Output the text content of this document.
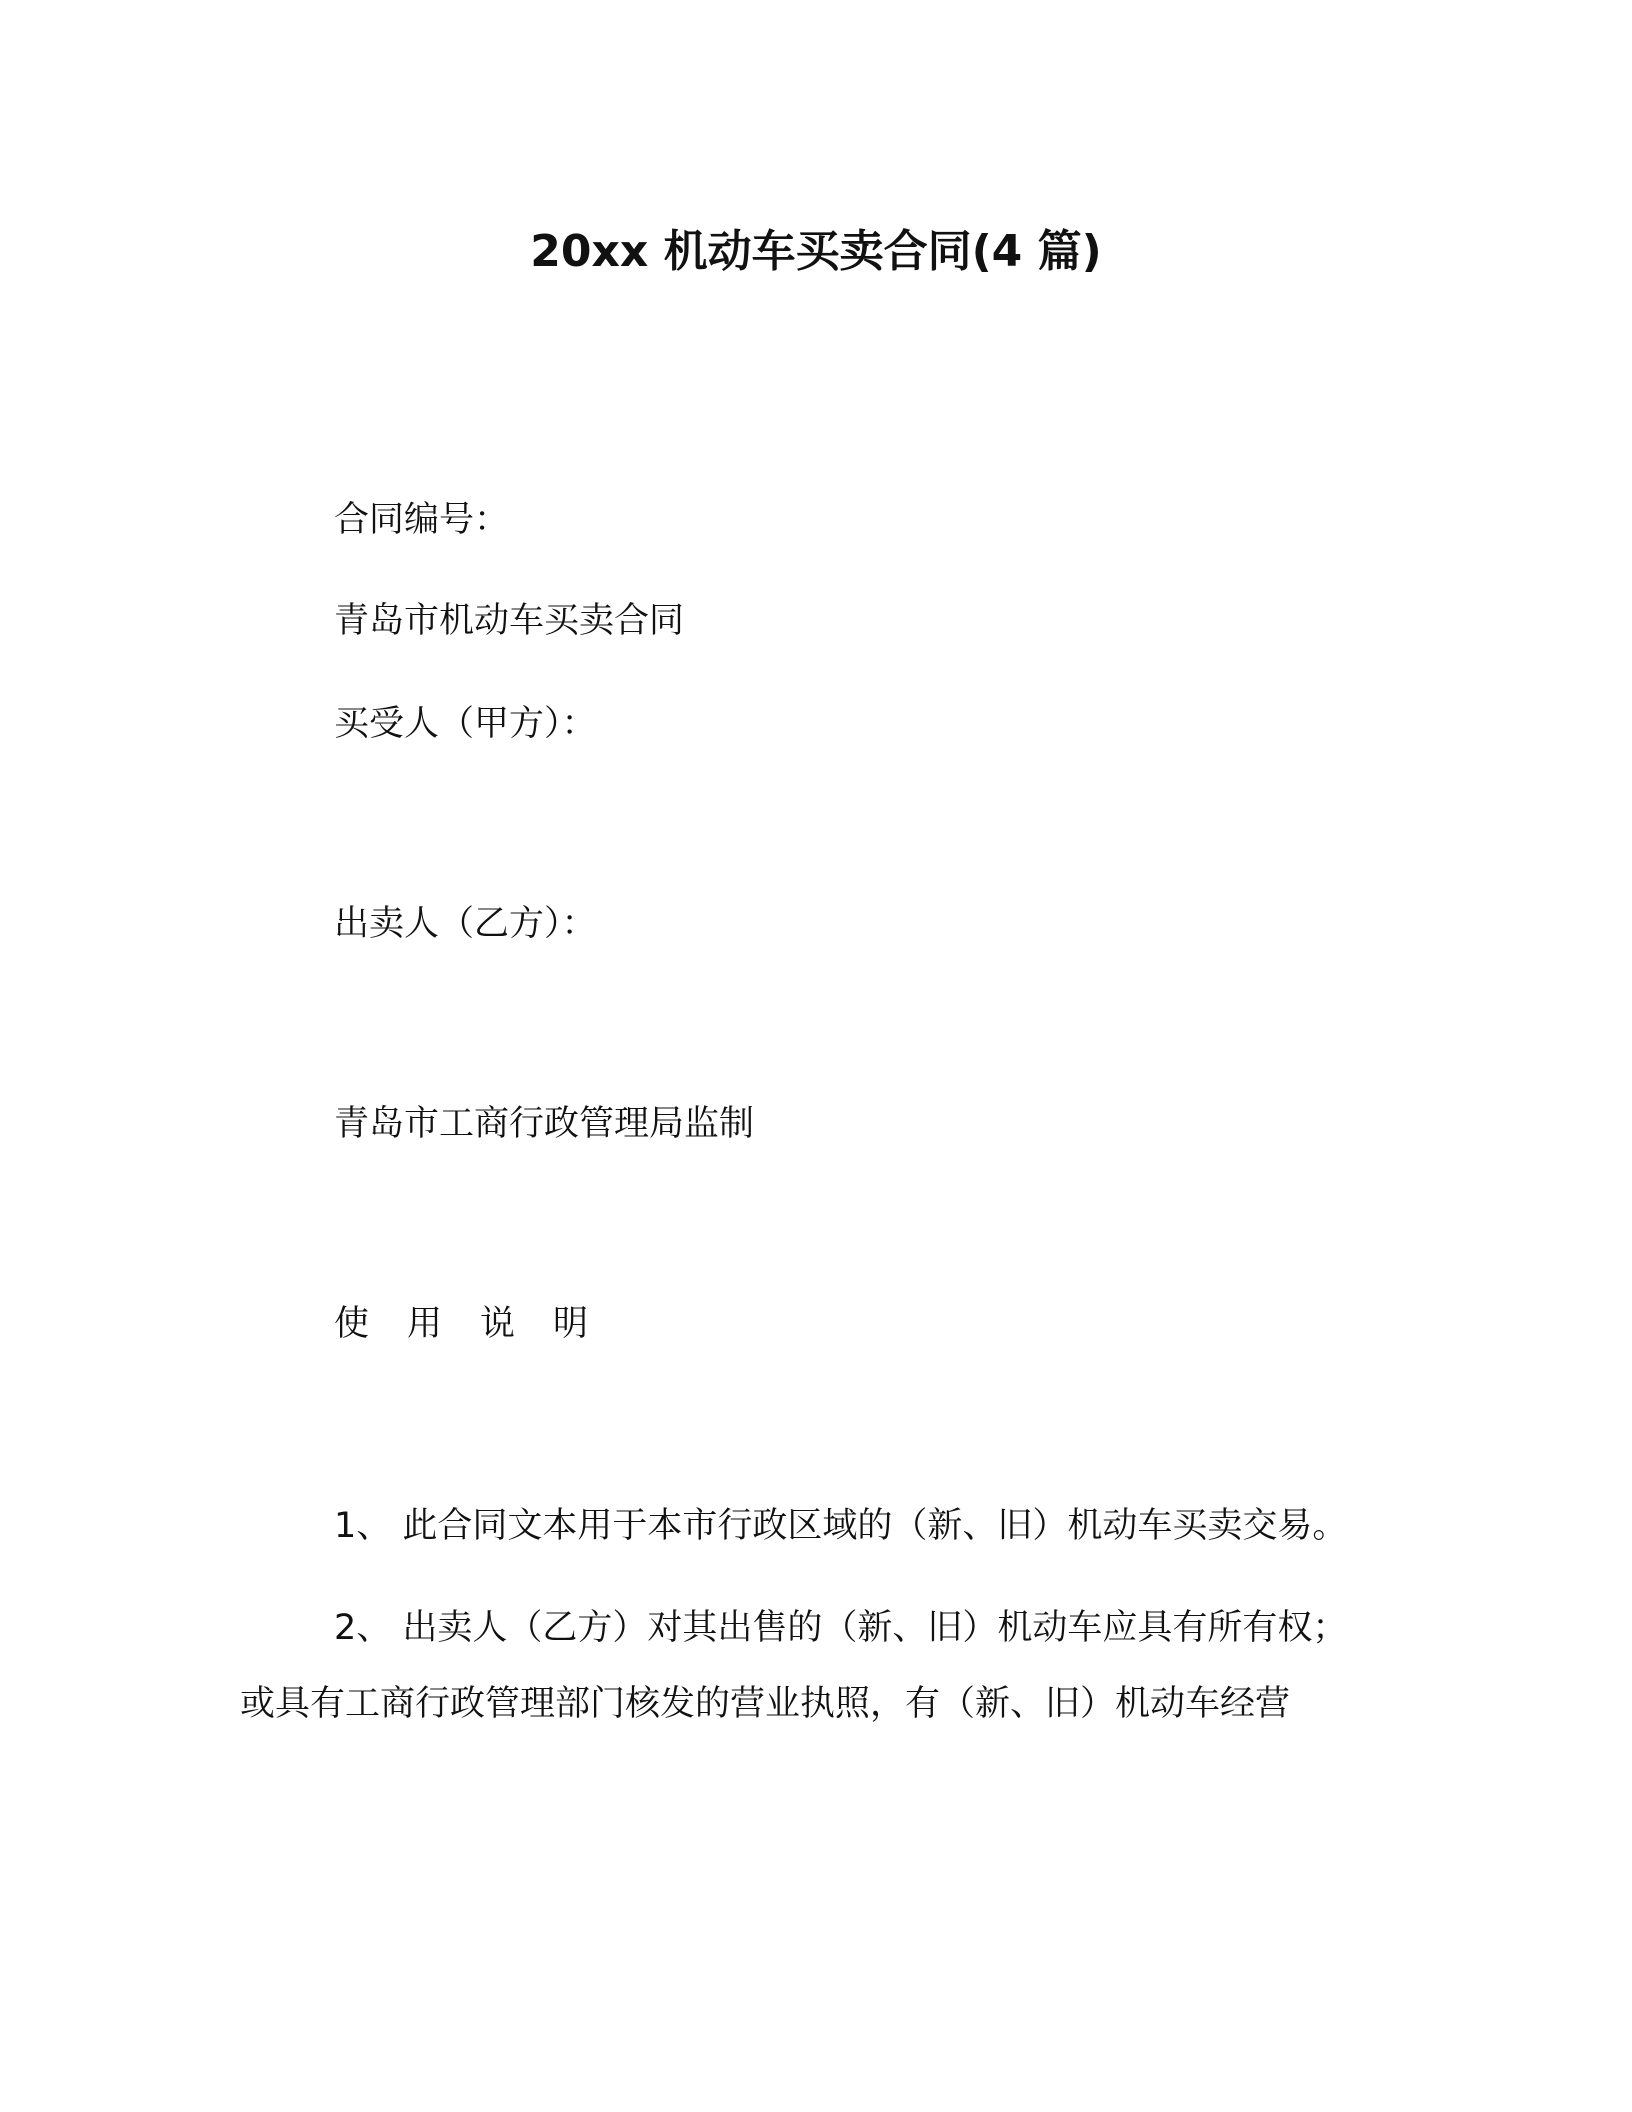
20xx 机动车买卖合同(4 篇)
合同编号：
青岛市机动车买卖合同
买受人（甲方）：
出卖人（乙方）：
青岛市工商行政管理局监制
使用说明
1、 此合同文本用于本市行政区域的（新、旧）机动车买卖交易。
2、 出卖人（乙方）对其出售的（新、旧）机动车应具有所有权；
或具有工商行政管理部门核发的营业执照，有（新、旧）机动车经营
